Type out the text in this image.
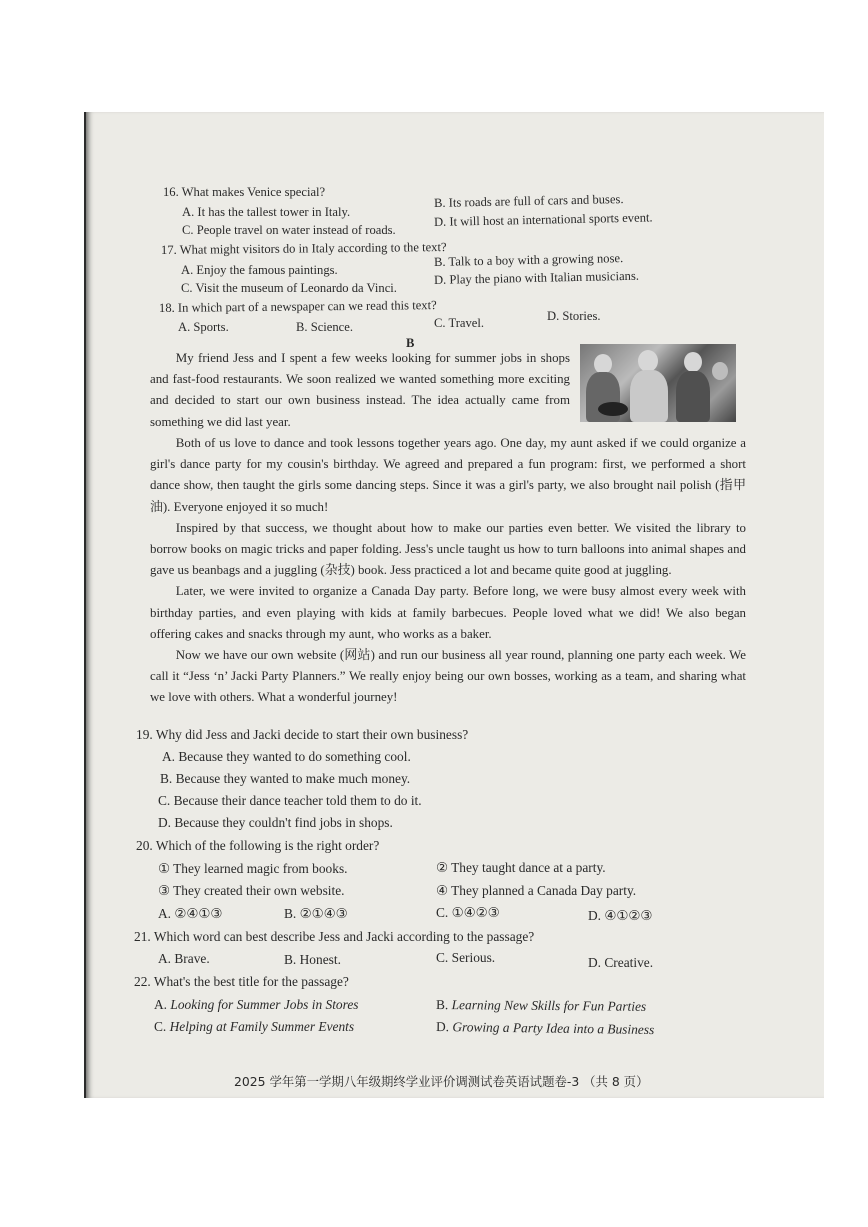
16. What makes Venice special?
A. It has the tallest tower in Italy.
B. Its roads are full of cars and buses.
C. People travel on water instead of roads.
D. It will host an international sports event.
17. What might visitors do in Italy according to the text?
A. Enjoy the famous paintings.
B. Talk to a boy with a growing nose.
C. Visit the museum of Leonardo da Vinci.
D. Play the piano with Italian musicians.
18. In which part of a newspaper can we read this text?
A. Sports.	B. Science.	C. Travel.	D. Stories.
B

My friend Jess and I spent a few weeks looking for summer jobs in shops and fast-food restaurants. We soon realized we wanted something more exciting and decided to start our own business instead. The idea actually came from something we did last year.

Both of us love to dance and took lessons together years ago. One day, my aunt asked if we could organize a girl's dance party for my cousin's birthday. We agreed and prepared a fun program: first, we performed a short dance show, then taught the girls some dancing steps. Since it was a girl's party, we also brought nail polish (指甲油). Everyone enjoyed it so much!

Inspired by that success, we thought about how to make our parties even better. We visited the library to borrow books on magic tricks and paper folding. Jess's uncle taught us how to turn balloons into animal shapes and gave us beanbags and a juggling (杂技) book. Jess practiced a lot and became quite good at juggling.

Later, we were invited to organize a Canada Day party. Before long, we were busy almost every week with birthday parties, and even playing with kids at family barbecues. People loved what we did! We also began offering cakes and snacks through my aunt, who works as a baker.

Now we have our own website (网站) and run our business all year round, planning one party each week. We call it “Jess ‘n’ Jacki Party Planners.” We really enjoy being our own bosses, working as a team, and sharing what we love with others. What a wonderful journey!

19. Why did Jess and Jacki decide to start their own business?
A. Because they wanted to do something cool.
B. Because they wanted to make much money.
C. Because their dance teacher told them to do it.
D. Because they couldn't find jobs in shops.
20. Which of the following is the right order?
① They learned magic from books.	② They taught dance at a party.
③ They created their own website.	④ They planned a Canada Day party.
A. ②④①③	B. ②①④③	C. ①④②③	D. ④①②③
21. Which word can best describe Jess and Jacki according to the passage?
A. Brave.	B. Honest.	C. Serious.	D. Creative.
22. What's the best title for the passage?
A. Looking for Summer Jobs in Stores	B. Learning New Skills for Fun Parties
C. Helping at Family Summer Events	D. Growing a Party Idea into a Business
2025 学年第一学期八年级期终学业评价调测试卷英语试题卷-3 （共 8 页）
